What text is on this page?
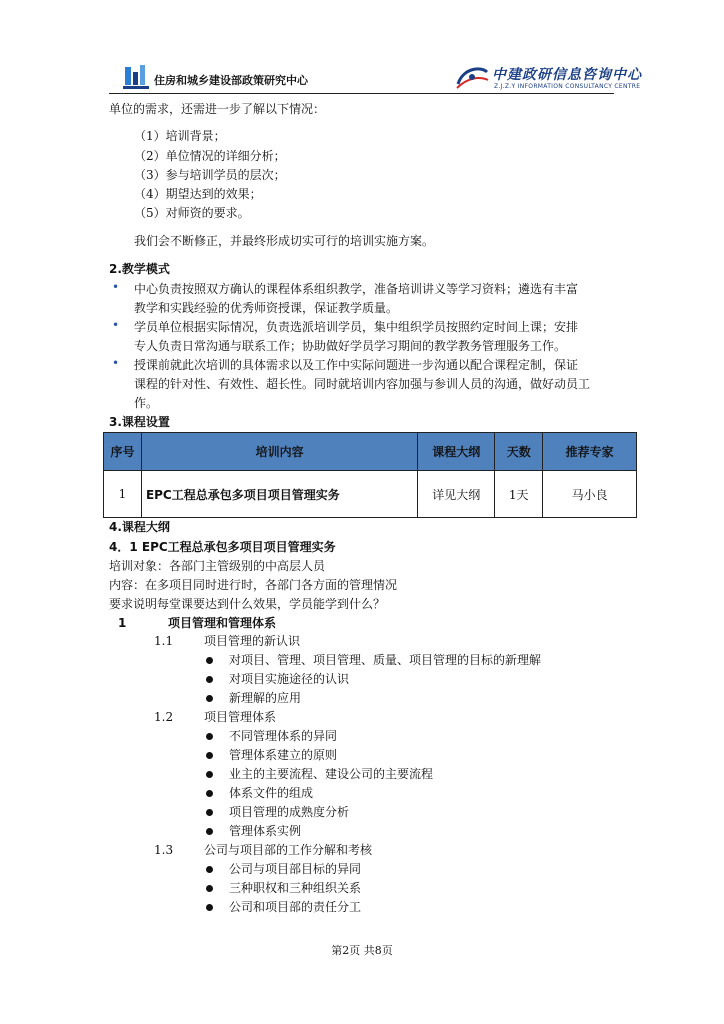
住房和城乡建设部政策研究中心	中建政研信息咨询中心
Z.J.Z.Y INFORMATION CONSULTANCY CENTRE
单位的需求，还需进一步了解以下情况：
（1）培训背景；
（2）单位情况的详细分析；
（3）参与培训学员的层次；
（4）期望达到的效果；
（5）对师资的要求。
我们会不断修正，并最终形成切实可行的培训实施方案。
2.教学模式
• 中心负责按照双方确认的课程体系组织教学，准备培训讲义等学习资料；遴选有丰富
教学和实践经验的优秀师资授课，保证教学质量。
• 学员单位根据实际情况，负责选派培训学员，集中组织学员按照约定时间上课；安排
专人负责日常沟通与联系工作；协助做好学员学习期间的教学教务管理服务工作。
• 授课前就此次培训的具体需求以及工作中实际问题进一步沟通以配合课程定制，保证
课程的针对性、有效性、超长性。同时就培训内容加强与参训人员的沟通，做好动员工
作。
3.课程设置
序号	培训内容	课程大纲	天数	推荐专家
1	EPC工程总承包多项目项目管理实务	详见大纲	1天	马小良
4.课程大纲
4．1 EPC工程总承包多项目项目管理实务
培训对象：各部门主管级别的中高层人员
内容：在多项目同时进行时，各部门各方面的管理情况
要求说明每堂课要达到什么效果，学员能学到什么？
1	项目管理和管理体系
1.1	项目管理的新认识
对项目、管理、项目管理、质量、项目管理的目标的新理解
对项目实施途径的认识
新理解的应用
1.2	项目管理体系
不同管理体系的异同
管理体系建立的原则
业主的主要流程、建设公司的主要流程
体系文件的组成
项目管理的成熟度分析
管理体系实例
1.3	公司与项目部的工作分解和考核
公司与项目部目标的异同
三种职权和三种组织关系
公司和项目部的责任分工
第2页 共8页
